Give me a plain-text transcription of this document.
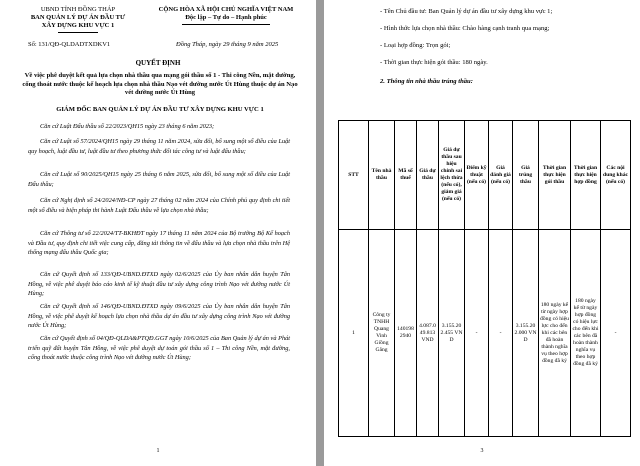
UBND TỈNH ĐỒNG THÁP
BAN QUẢN LÝ DỰ ÁN ĐẦU TƯ
XÂY DỰNG KHU VỰC 1
CỘNG HÒA XÃ HỘI CHỦ NGHĨA VIỆT NAM
Độc lập – Tự do – Hạnh phúc
Số: 131/QĐ-QLDADTXDKV1	Đồng Tháp, ngày 29 tháng 9 năm 2025
QUYẾT ĐỊNH
Về việc phê duyệt kết quả lựa chọn nhà thầu qua mạng gói thầu số 1 - Thi công Nền, mặt đường, cống thoát nước thuộc kế hoạch lựa chọn nhà thầu Nạo vét đường nước Út Hùng thuộc dự án Nạo vét đường nước Út Hùng
GIÁM ĐỐC BAN QUẢN LÝ DỰ ÁN ĐẦU TƯ XÂY DỰNG KHU VỰC 1
Căn cứ Luật Đấu thầu số 22/2023/QH15 ngày 23 tháng 6 năm 2023;
Căn cứ Luật số 57/2024/QH15 ngày 29 tháng 11 năm 2024, sửa đổi, bổ sung một số điều của Luật quy hoạch, luật đầu tư, luật đầu tư theo phương thức đối tác công tư và luật đấu thầu;
Căn cứ Luật số 90/2025/QH15 ngày 25 tháng 6 năm 2025, sửa đổi, bổ sung một số điều của Luật Đấu thầu;
Căn cứ Nghị định số 24/2024/NĐ-CP ngày 27 tháng 02 năm 2024 của Chính phủ quy định chi tiết một số điều và biện pháp thi hành Luật Đấu thầu về lựa chọn nhà thầu;
Căn cứ Thông tư số 22/2024/TT-BKHĐT ngày 17 tháng 11 năm 2024 của Bộ trưởng Bộ Kế hoạch và Đầu tư, quy định chi tiết việc cung cấp, đăng tải thông tin về đấu thầu và lựa chọn nhà thầu trên Hệ thống mạng đấu thầu Quốc gia;
Căn cứ Quyết định số 133/QĐ-UBND.ĐTXD ngày 02/6/2025 của Ủy ban nhân dân huyện Tân Hồng, về việc phê duyệt báo cáo kinh tế kỹ thuật đầu tư xây dựng công trình Nạo vét đường nước Út Hùng;
Căn cứ Quyết định số 146/QĐ-UBND.ĐTXD ngày 09/6/2025 của Ủy ban nhân dân huyện Tân Hồng, về việc phê duyệt kế hoạch lựa chọn nhà thầu dự án đầu tư xây dựng công trình Nạo vét đường nước Út Hùng;
Căn cứ Quyết định số 04/QĐ-QLDA&PTQĐ.GGT ngày 10/6/2025 của Ban Quản lý dự án và Phát triển quỹ đất huyện Tân Hồng, về việc phê duyệt dự toán gói thầu số 1 – Thi công Nền, mặt đường, cống thoát nước thuộc công trình Nạo vét đường nước Út Hùng;
1
- Tên Chủ đầu tư: Ban Quản lý dự án đầu tư xây dựng khu vực 1;
- Hình thức lựa chọn nhà thầu: Chào hàng cạnh tranh qua mạng;
- Loại hợp đồng: Trọn gói;
- Thời gian thực hiện gói thầu: 180 ngày.
2. Thông tin nhà thầu trúng thầu:
STT	Tên nhà thầu	Mã số thuế	Giá dự thầu	Giá dự thầu sau hiệu chỉnh sai lệch thừa (nếu có), giảm giá (nếu có)	Điểm kỹ thuật (nếu có)	Giá đánh giá (nếu có)	Giá trúng thầu	Thời gian thực hiện gói thầu	Thời gian thực hiện hợp đồng	Các nội dung khác (nếu có)
1	Công ty TNHH Quang Vinh Giồng Găng	1401982940	4.087.049.813 VND	3.155.202.455 VND	-	-	3.155.202.000 VND	180 ngày kể từ ngày hợp đồng có hiệu lực cho đến khi các bên đã hoàn thành nghĩa vụ theo hợp đồng đã ký	180 ngày kể từ ngày hợp đồng có hiệu lực cho đến khi các bên đã hoàn thành nghĩa vụ theo hợp đồng đã ký	-
3
